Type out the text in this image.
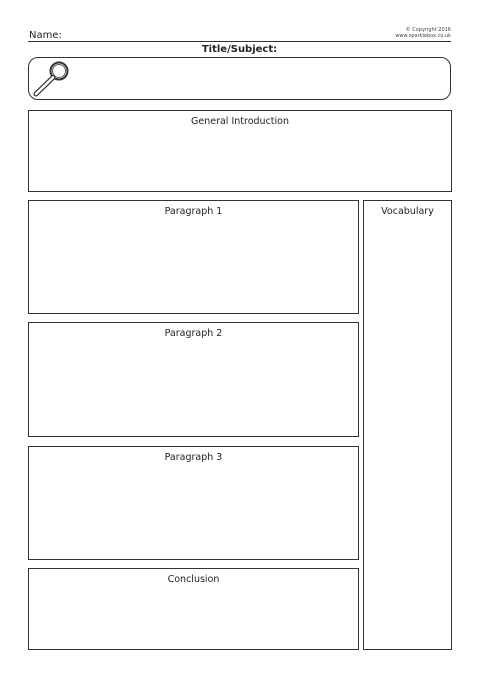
Name:	© Copyright 2016
www.sparklebox.co.uk
Title/Subject:
General Introduction
Paragraph 1
Paragraph 2
Paragraph 3
Conclusion
Vocabulary
